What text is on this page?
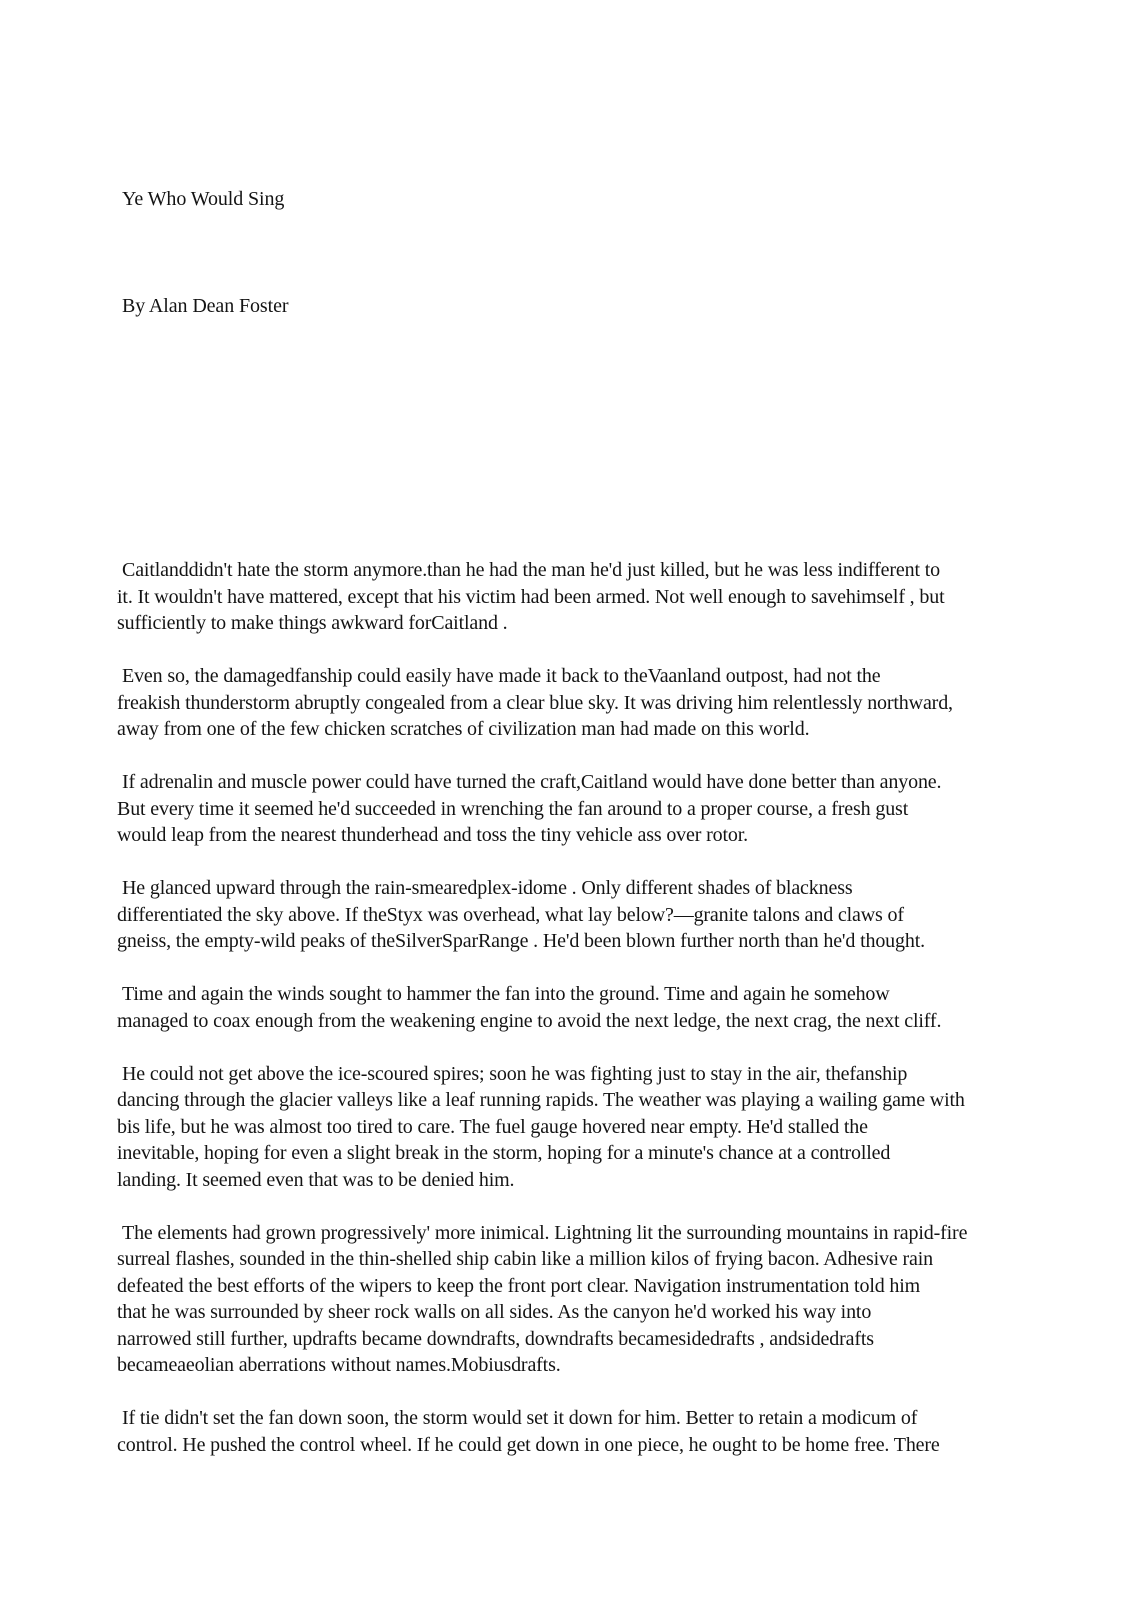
Ye Who Would Sing
By Alan Dean Foster
Caitlanddidn't hate the storm anymore.than he had the man he'd just killed, but he was less indifferent to
it. It wouldn't have mattered, except that his victim had been armed. Not well enough to savehimself , but
sufficiently to make things awkward forCaitland .
Even so, the damagedfanship could easily have made it back to theVaanland outpost, had not the
freakish thunderstorm abruptly congealed from a clear blue sky. It was driving him relentlessly northward,
away from one of the few chicken scratches of civilization man had made on this world.
If adrenalin and muscle power could have turned the craft,Caitland would have done better than anyone.
But every time it seemed he'd succeeded in wrenching the fan around to a proper course, a fresh gust
would leap from the nearest thunderhead and toss the tiny vehicle ass over rotor.
He glanced upward through the rain-smearedplex-idome . Only different shades of blackness
differentiated the sky above. If theStyx was overhead, what lay below?—granite talons and claws of
gneiss, the empty-wild peaks of theSilverSparRange . He'd been blown further north than he'd thought.
Time and again the winds sought to hammer the fan into the ground. Time and again he somehow
managed to coax enough from the weakening engine to avoid the next ledge, the next crag, the next cliff.
He could not get above the ice-scoured spires; soon he was fighting just to stay in the air, thefanship
dancing through the glacier valleys like a leaf running rapids. The weather was playing a wailing game with
bis life, but he was almost too tired to care. The fuel gauge hovered near empty. He'd stalled the
inevitable, hoping for even a slight break in the storm, hoping for a minute's chance at a controlled
landing. It seemed even that was to be denied him.
The elements had grown progressively' more inimical. Lightning lit the surrounding mountains in rapid-fire
surreal flashes, sounded in the thin-shelled ship cabin like a million kilos of frying bacon. Adhesive rain
defeated the best efforts of the wipers to keep the front port clear. Navigation instrumentation told him
that he was surrounded by sheer rock walls on all sides. As the canyon he'd worked his way into
narrowed still further, updrafts became downdrafts, downdrafts becamesidedrafts , andsidedrafts
becameaeolian aberrations without names.Mobiusdrafts.
If tie didn't set the fan down soon, the storm would set it down for him. Better to retain a modicum of
control. He pushed the control wheel. If he could get down in one piece, he ought to be home free. There
